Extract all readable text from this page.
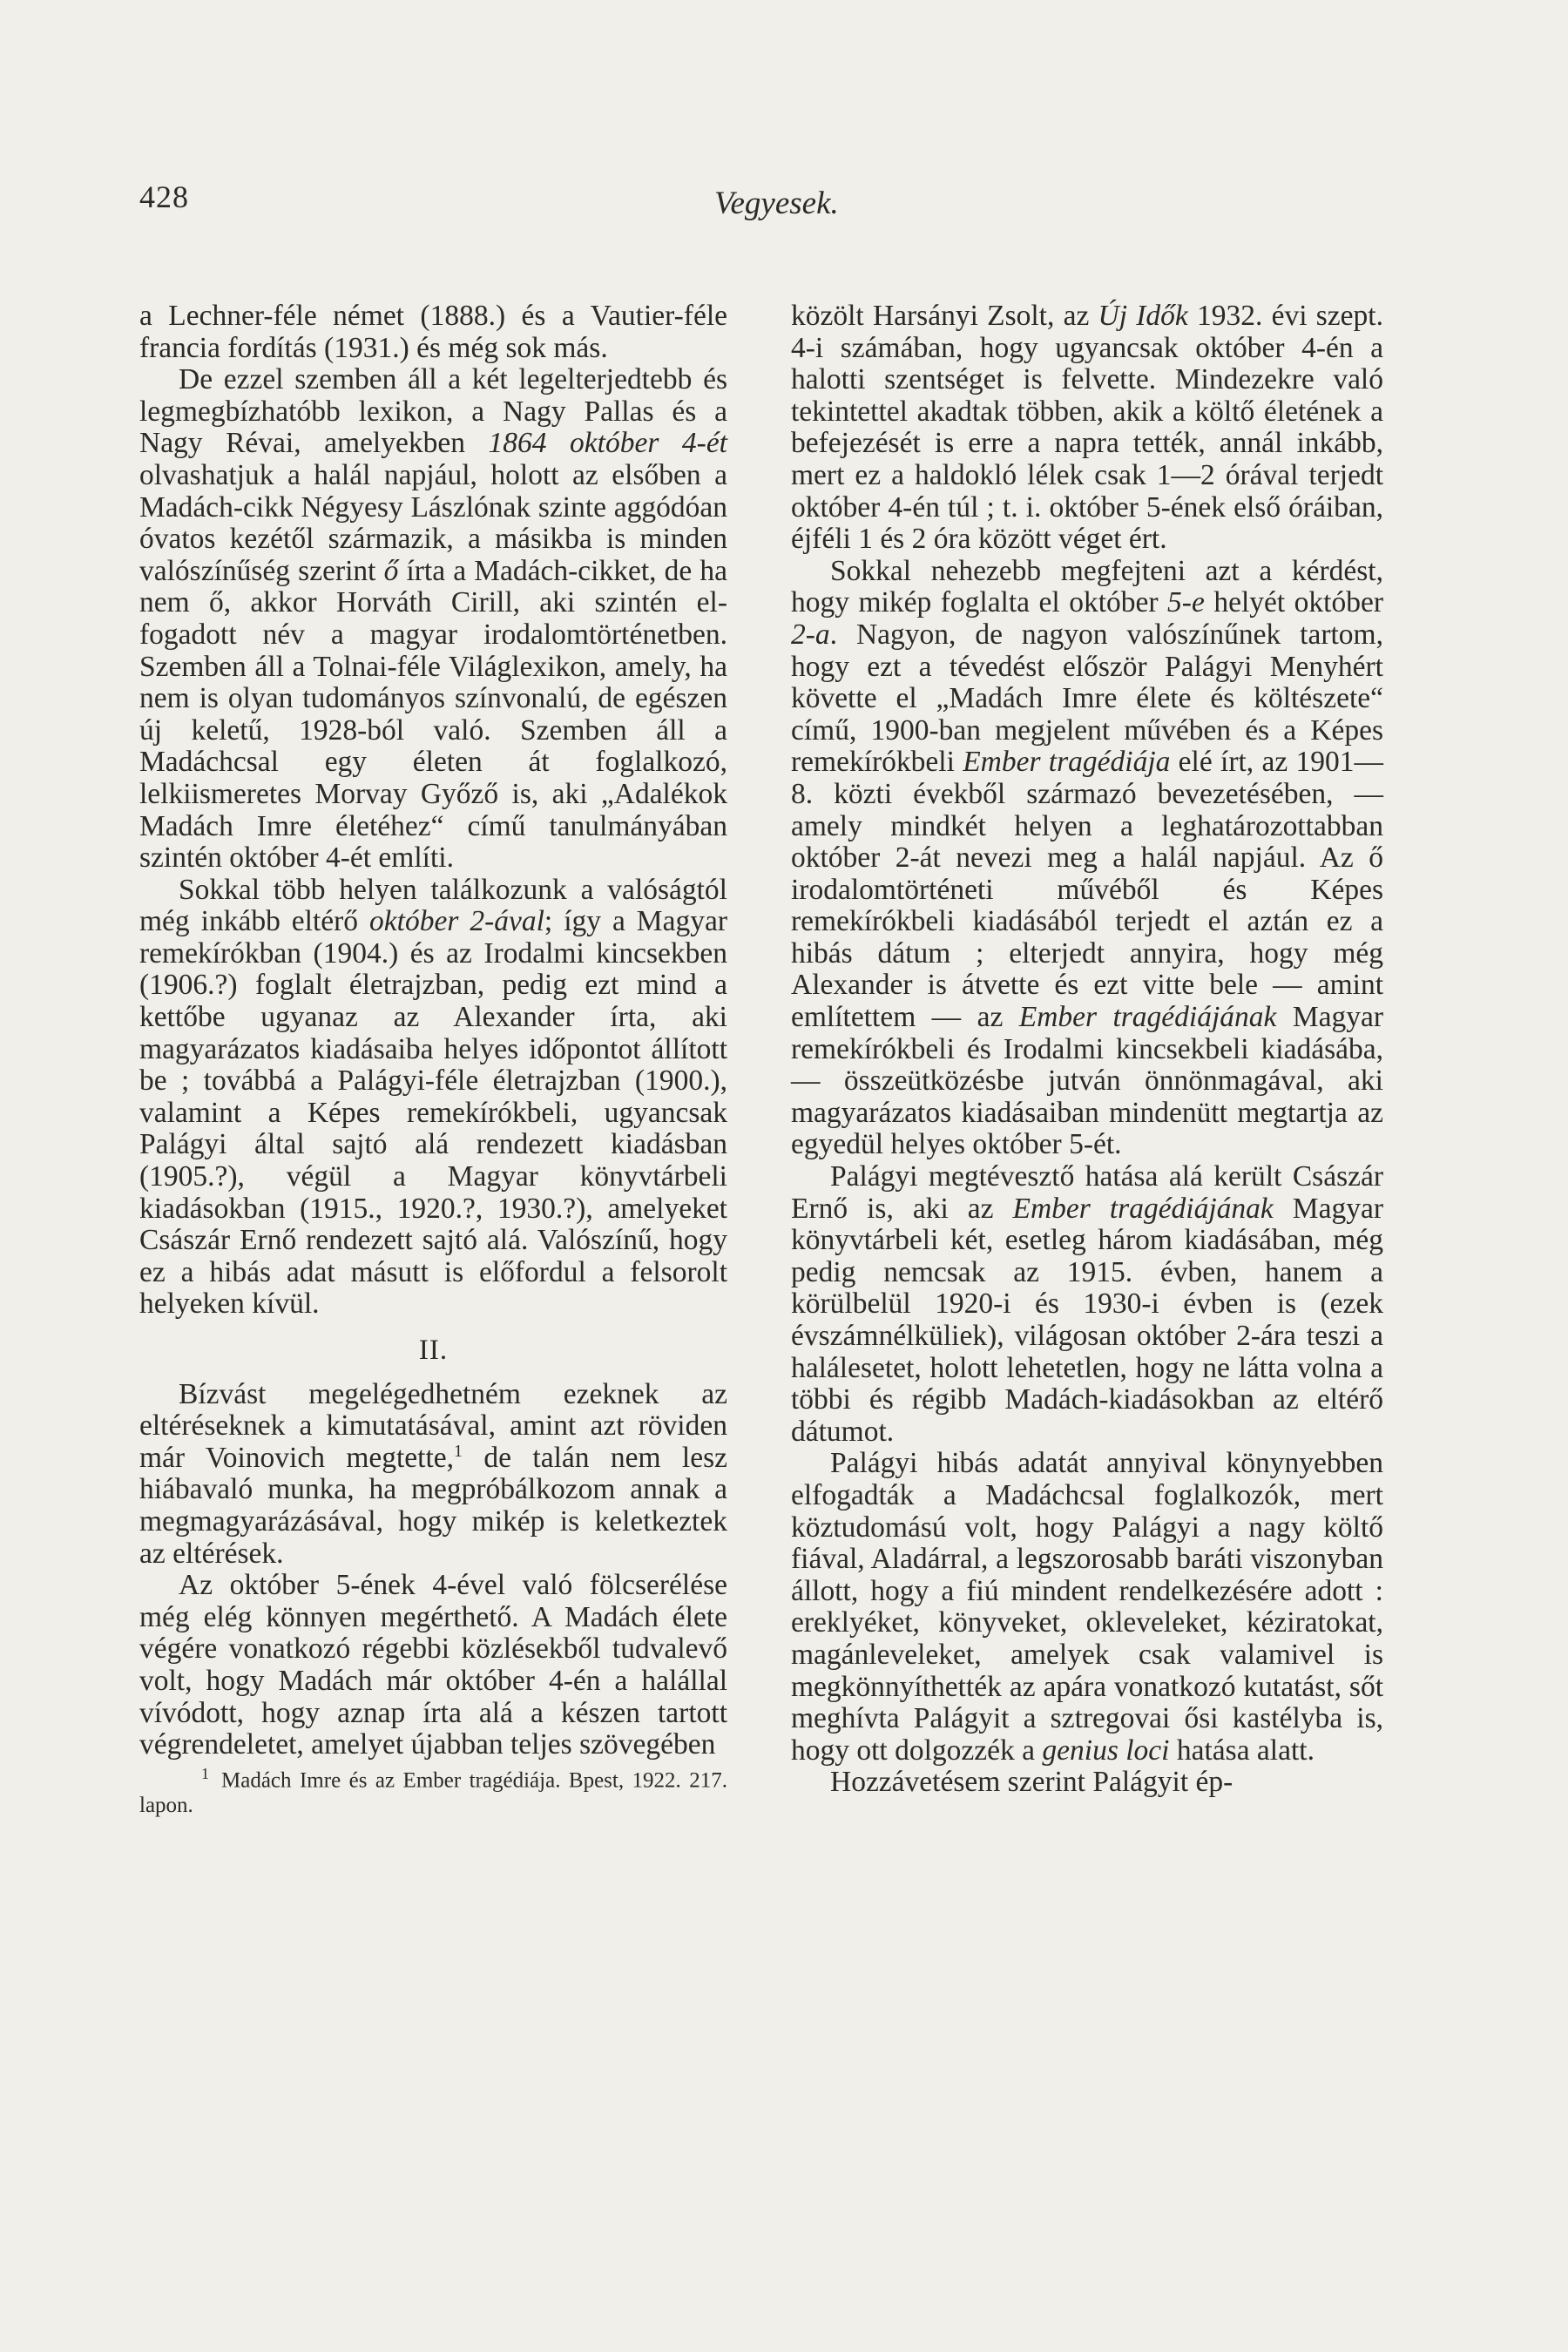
428	Vegyesek.

a Lechner-féle német (1888.) és a Vautier-féle francia fordítás (1931.) és még sok más.

De ezzel szemben áll a két legelterjedtebb és legmegbízhatóbb lexikon, a Nagy Pallas és a Nagy Révai, amelyekben 1864 október 4-ét olvashatjuk a halál napjául, holott az elsőben a Madách-cikk Négyesy Lászlónak szinte aggódóan óvatos kezétől származik, a másikba is minden valószínűség szerint ő írta a Madách-cikket, de ha nem ő, akkor Horváth Cirill, aki szintén elfogadott név a magyar irodalomtörténetben. Szemben áll a Tolnai-féle Világlexikon, amely, ha nem is olyan tudományos színvonalú, de egészen új keletű, 1928-ból való. Szemben áll a Madáchcsal egy életen át foglalkozó, lelkiismeretes Morvay Győző is, aki „Adalékok Madách Imre életéhez“ című tanulmányában szintén október 4-ét említi.

Sokkal több helyen találkozunk a valóságtól még inkább eltérő október 2-ával; így a Magyar remekírókban (1904.) és az Irodalmi kincsekben (1906.?) foglalt életrajzban, pedig ezt mind a kettőbe ugyanaz az Alexander írta, aki magyarázatos kiadásaiba helyes időpontot állított be ; továbbá a Palágyi-féle életrajzban (1900.), valamint a Képes remekírókbeli, ugyancsak Palágyi által sajtó alá rendezett kiadásban (1905.?), végül a Magyar könyvtárbeli kiadásokban (1915., 1920.?, 1930.?), amelyeket Császár Ernő rendezett sajtó alá. Valószínű, hogy ez a hibás adat másutt is előfordul a felsorolt helyeken kívül.

II.

Bízvást megelégedhetném ezeknek az eltéréseknek a kimutatásával, amint azt röviden már Voinovich megtette,$^1$ de talán nem lesz hiábavaló munka, ha megpróbálkozom annak a megmagyarázásával, hogy mikép is keletkeztek az eltérések.

Az október 5-ének 4-ével való fölcserélése még elég könnyen megérthető. A Madách élete végére vonatkozó régebbi közlésekből tudvalevő volt, hogy Madách már október 4-én a halállal vívódott, hogy aznap írta alá a készen tartott végrendeletet, amelyet újabban teljes szövegében

$^1$ Madách Imre és az Ember tragédiája. Bpest, 1922. 217. lapon.

közölt Harsányi Zsolt, az Új Idők 1932. évi szept. 4-i számában, hogy ugyancsak október 4-én a halotti szentséget is felvette. Mindezekre való tekintettel akadtak többen, akik a költő életének a befejezését is erre a napra tették, annál inkább, mert ez a haldokló lélek csak 1—2 órával terjedt október 4-én túl ; t. i. október 5-ének első óráiban, éjféli 1 és 2 óra között véget ért.

Sokkal nehezebb megfejteni azt a kérdést, hogy mikép foglalta el október 5-e helyét október 2-a. Nagyon, de nagyon valószínűnek tartom, hogy ezt a tévedést először Palágyi Menyhért követte el „Madách Imre élete és költészete“ című, 1900-ban megjelent művében és a Képes remekírókbeli Ember tragédiája elé írt, az 1901—8. közti évekből származó bevezetésében, — amely mindkét helyen a leghatározottabban október 2-át nevezi meg a halál napjául. Az ő irodalomtörténeti művéből és Képes remekírókbeli kiadásából terjedt el aztán ez a hibás dátum ; elterjedt annyira, hogy még Alexander is átvette és ezt vitte bele — amint említettem — az Ember tragédiájának Magyar remekírókbeli és Irodalmi kincsekbeli kiadásába, — összeütközésbe jutván önnönmagával, aki magyarázatos kiadásaiban mindenütt megtartja az egyedül helyes október 5-ét.

Palágyi megtévesztő hatása alá került Császár Ernő is, aki az Ember tragédiájának Magyar könyvtárbeli két, esetleg három kiadásában, még pedig nemcsak az 1915. évben, hanem a körülbelül 1920-i és 1930-i évben is (ezek évszámnélküliek), világosan október 2-ára teszi a halálesetet, holott lehetetlen, hogy ne látta volna a többi és régibb Madách-kiadásokban az eltérő dátumot.

Palágyi hibás adatát annyival könynyebben elfogadták a Madáchcsal foglalkozók, mert köztudomású volt, hogy Palágyi a nagy költő fiával, Aladárral, a legszorosabb baráti viszonyban állott, hogy a fiú mindent rendelkezésére adott : ereklyéket, könyveket, okleveleket, kéziratokat, magánleveleket, amelyek csak valamivel is megkönnyíthették az apára vonatkozó kutatást, sőt meghívta Palágyit a sztregovai ősi kastélyba is, hogy ott dolgozzék a genius loci hatása alatt.

Hozzávetésem szerint Palágyit ép-
